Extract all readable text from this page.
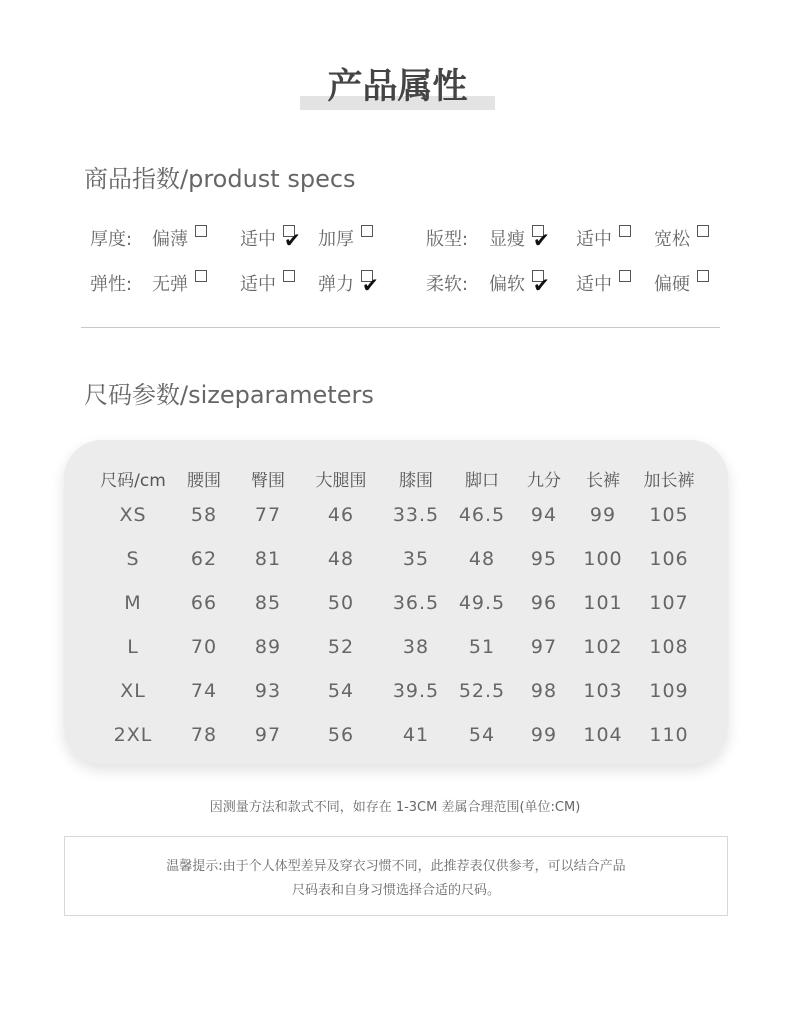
产品属性
商品指数/produst specs
厚度: 偏薄	适中 ✔ 加厚	版型: 显瘦 ✔ 适中 宽松
弹性: 无弹	适中 弹力 ✔	柔软: 偏软 ✔ 适中 偏硬
尺码参数/sizeparameters
尺码/cm	腰围	臀围	大腿围	膝围	脚口	九分	长裤	加长裤
XS	58	77	46	33.5	46.5	94	99	105
S	62	81	48	35	48	95	100	106
M	66	85	50	36.5	49.5	96	101	107
L	70	89	52	38	51	97	102	108
XL	74	93	54	39.5	52.5	98	103	109
2XL	78	97	56	41	54	99	104	110
因测量方法和款式不同，如存在 1-3CM 差属合理范围(单位:CM)
温馨提示:由于个人体型差异及穿衣习惯不同，此推荐表仅供参考，可以结合产品
尺码表和自身习惯选择合适的尺码。
